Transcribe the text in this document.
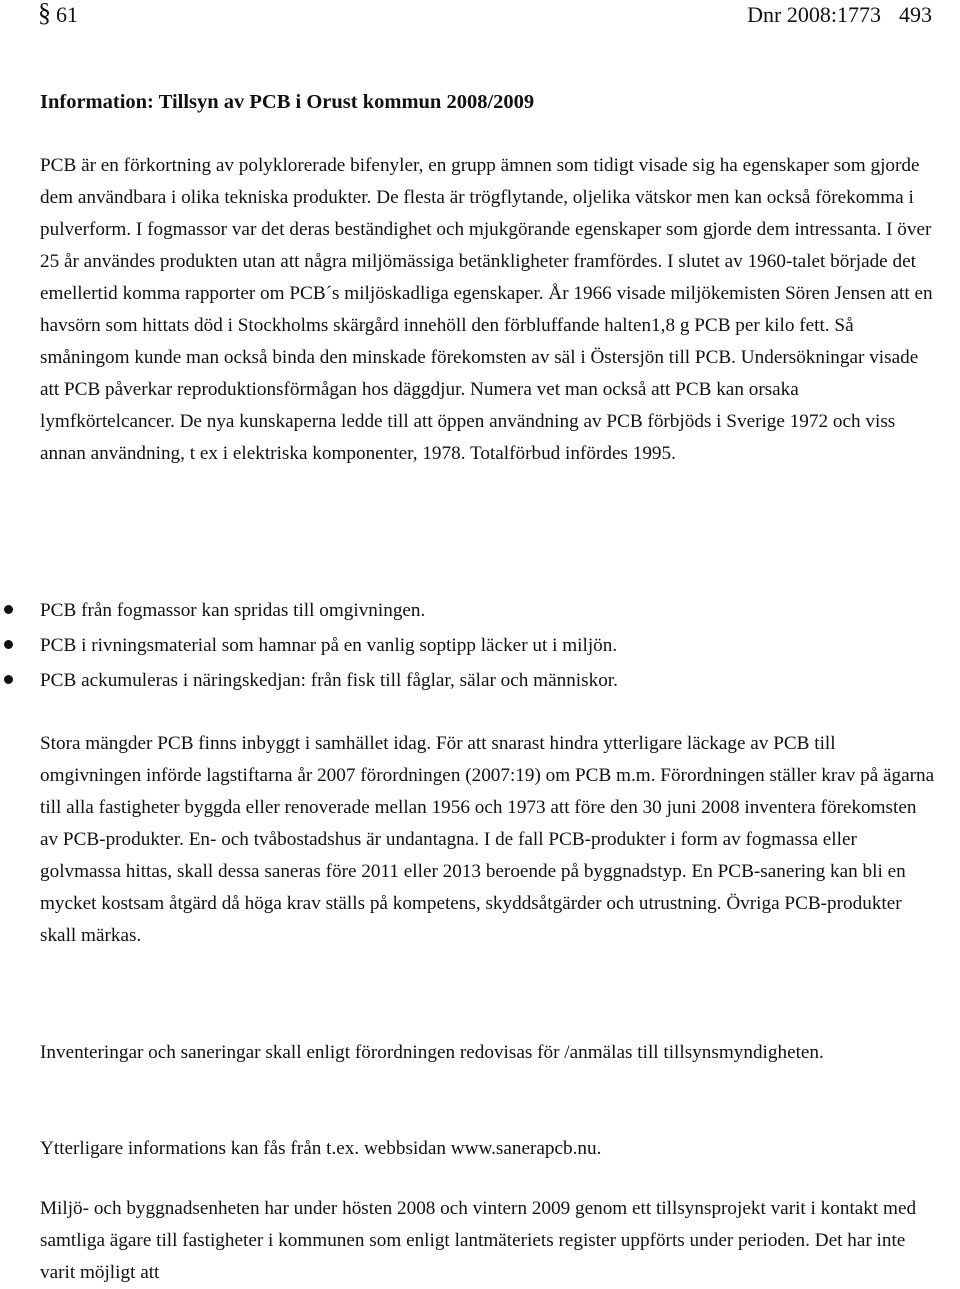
§ 61	Dnr 2008:1773 493
Information: Tillsyn av PCB i Orust kommun 2008/2009

PCB är en förkortning av polyklorerade bifenyler, en grupp ämnen som tidigt visade sig ha egenskaper som gjorde dem användbara i olika tekniska produkter. De flesta är trögflytande, oljelika vätskor men kan också förekomma i pulverform. I fogmassor var det deras beständighet och mjukgörande egenskaper som gjorde dem intressanta. I över 25 år användes produkten utan att några miljömässiga betänkligheter framfördes. I slutet av 1960-talet började det emellertid komma rapporter om PCB´s miljöskadliga egenskaper. År 1966 visade miljökemisten Sören Jensen att en havsörn som hittats död i Stockholms skärgård innehöll den förbluffande halten1,8 g PCB per kilo fett. Så småningom kunde man också binda den minskade förekomsten av säl i Östersjön till PCB. Undersökningar visade att PCB påverkar reproduktionsförmågan hos däggdjur. Numera vet man också att PCB kan orsaka lymfkörtelcancer. De nya kunskaperna ledde till att öppen användning av PCB förbjöds i Sverige 1972 och viss annan användning, t ex i elektriska komponenter, 1978. Totalförbud infördes 1995.

PCB från fogmassor kan spridas till omgivningen.
PCB i rivningsmaterial som hamnar på en vanlig soptipp läcker ut i miljön.
PCB ackumuleras i näringskedjan: från fisk till fåglar, sälar och människor.

Stora mängder PCB finns inbyggt i samhället idag. För att snarast hindra ytterligare läckage av PCB till omgivningen införde lagstiftarna år 2007 förordningen (2007:19) om PCB m.m. Förordningen ställer krav på ägarna till alla fastigheter byggda eller renoverade mellan 1956 och 1973 att före den 30 juni 2008 inventera förekomsten av PCB-produkter. En- och tvåbostadshus är undantagna. I de fall PCB-produkter i form av fogmassa eller golvmassa hittas, skall dessa saneras före 2011 eller 2013 beroende på byggnadstyp. En PCB-sanering kan bli en mycket kostsam åtgärd då höga krav ställs på kompetens, skyddsåtgärder och utrustning. Övriga PCB-produkter skall märkas.

Inventeringar och saneringar skall enligt förordningen redovisas för /anmälas till tillsynsmyndigheten.

Ytterligare informations kan fås från t.ex. webbsidan www.sanerapcb.nu.

Miljö- och byggnadsenheten har under hösten 2008 och vintern 2009 genom ett tillsynsprojekt varit i kontakt med samtliga ägare till fastigheter i kommunen som enligt lantmäteriets register uppförts under perioden. Det har inte varit möjligt att
